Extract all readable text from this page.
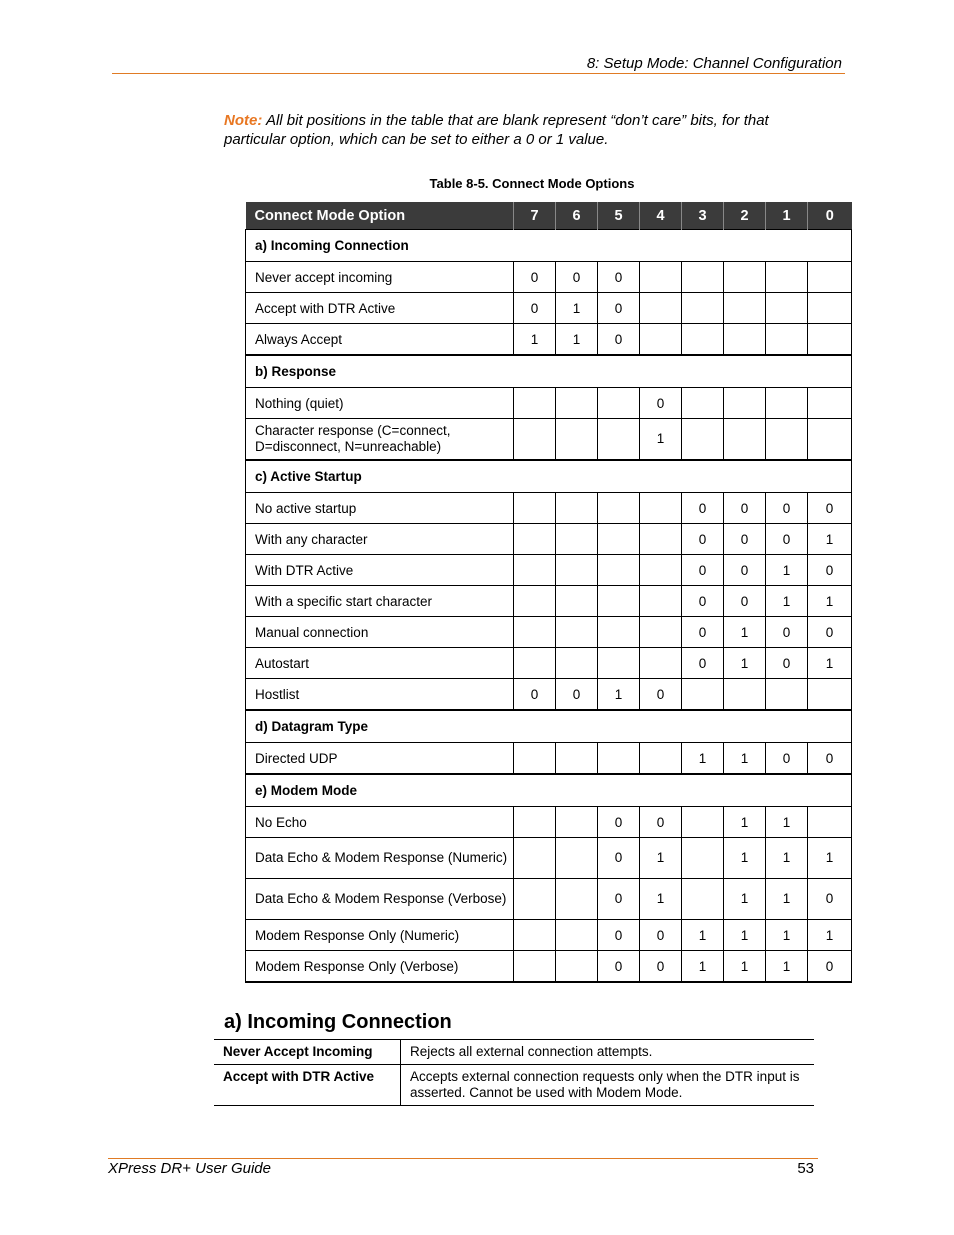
8: Setup Mode: Channel Configuration
Note: All bit positions in the table that are blank represent “don’t care” bits, for that particular option, which can be set to either a 0 or 1 value.
Table 8-5. Connect Mode Options
Connect Mode Option	7	6	5	4	3	2	1	0
a) Incoming Connection								
Never accept incoming	0	0	0					
Accept with DTR Active	0	1	0					
Always Accept	1	1	0					
b) Response								
Nothing (quiet)				0				
Character response (C=connect, D=disconnect, N=unreachable)				1				
c) Active Startup								
No active startup					0	0	0	0
With any character					0	0	0	1
With DTR Active					0	0	1	0
With a specific start character					0	0	1	1
Manual connection					0	1	0	0
Autostart					0	1	0	1
Hostlist	0	0	1	0				
d) Datagram Type								
Directed UDP					1	1	0	0
e) Modem Mode								
No Echo			0	0		1	1	
Data Echo & Modem Response (Numeric)			0	1		1	1	1
Data Echo & Modem Response (Verbose)			0	1		1	1	0
Modem Response Only (Numeric)			0	0	1	1	1	1
Modem Response Only (Verbose)			0	0	1	1	1	0
a) Incoming Connection
Never Accept Incoming	Rejects all external connection attempts.
Accept with DTR Active	Accepts external connection requests only when the DTR input is asserted. Cannot be used with Modem Mode.
XPress DR+ User Guide	53
